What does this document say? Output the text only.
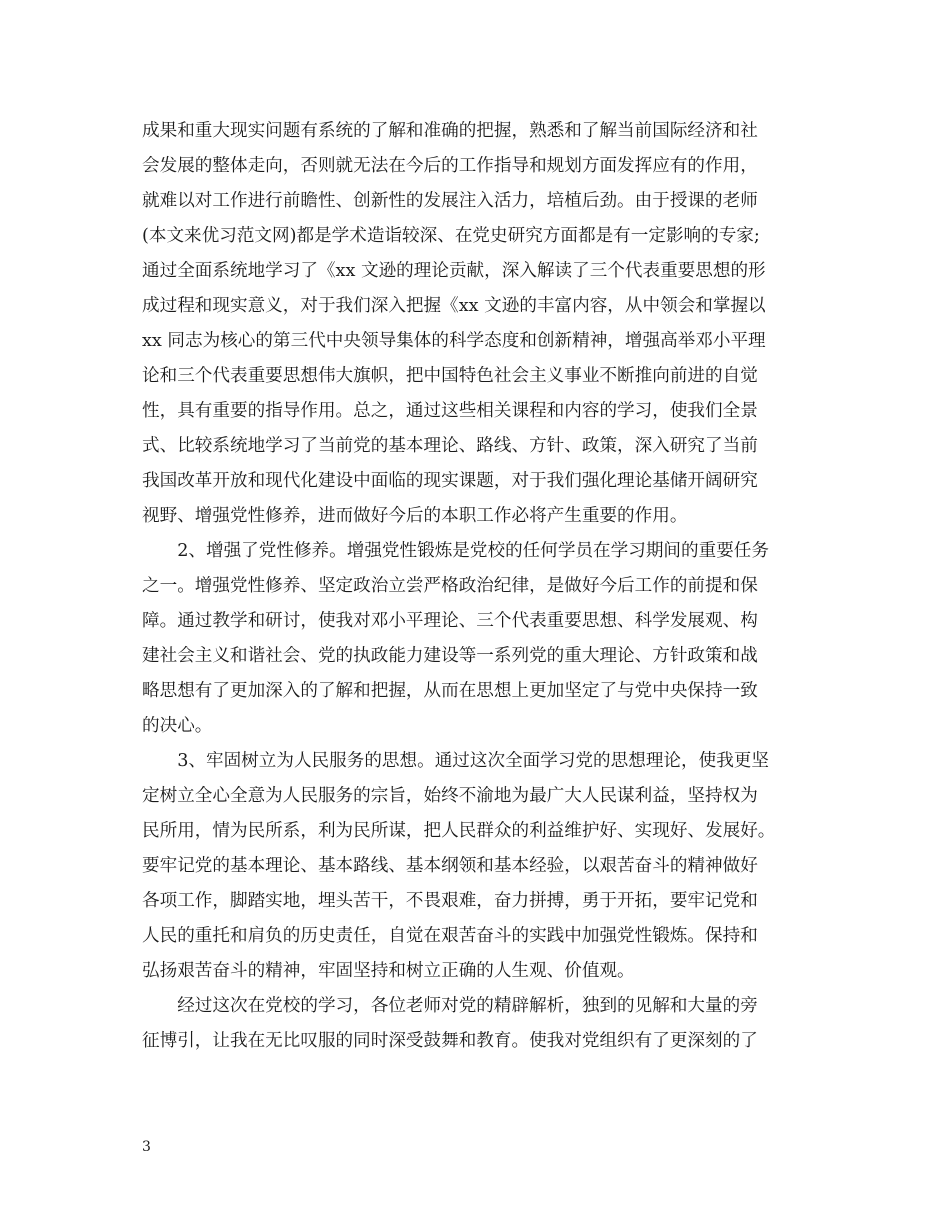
成果和重大现实问题有系统的了解和准确的把握，熟悉和了解当前国际经济和社
会发展的整体走向，否则就无法在今后的工作指导和规划方面发挥应有的作用，
就难以对工作进行前瞻性、创新性的发展注入活力，培植后劲。由于授课的老师
(本文来优习范文网)都是学术造诣较深、在党史研究方面都是有一定影响的专家;
通过全面系统地学习了《xx 文逊的理论贡献，深入解读了三个代表重要思想的形
成过程和现实意义，对于我们深入把握《xx 文逊的丰富内容，从中领会和掌握以
xx 同志为核心的第三代中央领导集体的科学态度和创新精神，增强高举邓小平理
论和三个代表重要思想伟大旗帜，把中国特色社会主义事业不断推向前进的自觉
性，具有重要的指导作用。总之，通过这些相关课程和内容的学习，使我们全景
式、比较系统地学习了当前党的基本理论、路线、方针、政策，深入研究了当前
我国改革开放和现代化建设中面临的现实课题，对于我们强化理论基储开阔研究
视野、增强党性修养，进而做好今后的本职工作必将产生重要的作用。
　　2、增强了党性修养。增强党性锻炼是党校的任何学员在学习期间的重要任务
之一。增强党性修养、坚定政治立尝严格政治纪律，是做好今后工作的前提和保
障。通过教学和研讨，使我对邓小平理论、三个代表重要思想、科学发展观、构
建社会主义和谐社会、党的执政能力建设等一系列党的重大理论、方针政策和战
略思想有了更加深入的了解和把握，从而在思想上更加坚定了与党中央保持一致
的决心。
　　3、牢固树立为人民服务的思想。通过这次全面学习党的思想理论，使我更坚
定树立全心全意为人民服务的宗旨，始终不渝地为最广大人民谋利益，坚持权为
民所用，情为民所系，利为民所谋，把人民群众的利益维护好、实现好、发展好。
要牢记党的基本理论、基本路线、基本纲领和基本经验，以艰苦奋斗的精神做好
各项工作，脚踏实地，埋头苦干，不畏艰难，奋力拼搏，勇于开拓，要牢记党和
人民的重托和肩负的历史责任，自觉在艰苦奋斗的实践中加强党性锻炼。保持和
弘扬艰苦奋斗的精神，牢固坚持和树立正确的人生观、价值观。
　　经过这次在党校的学习，各位老师对党的精辟解析，独到的见解和大量的旁
征博引，让我在无比叹服的同时深受鼓舞和教育。使我对党组织有了更深刻的了
3
